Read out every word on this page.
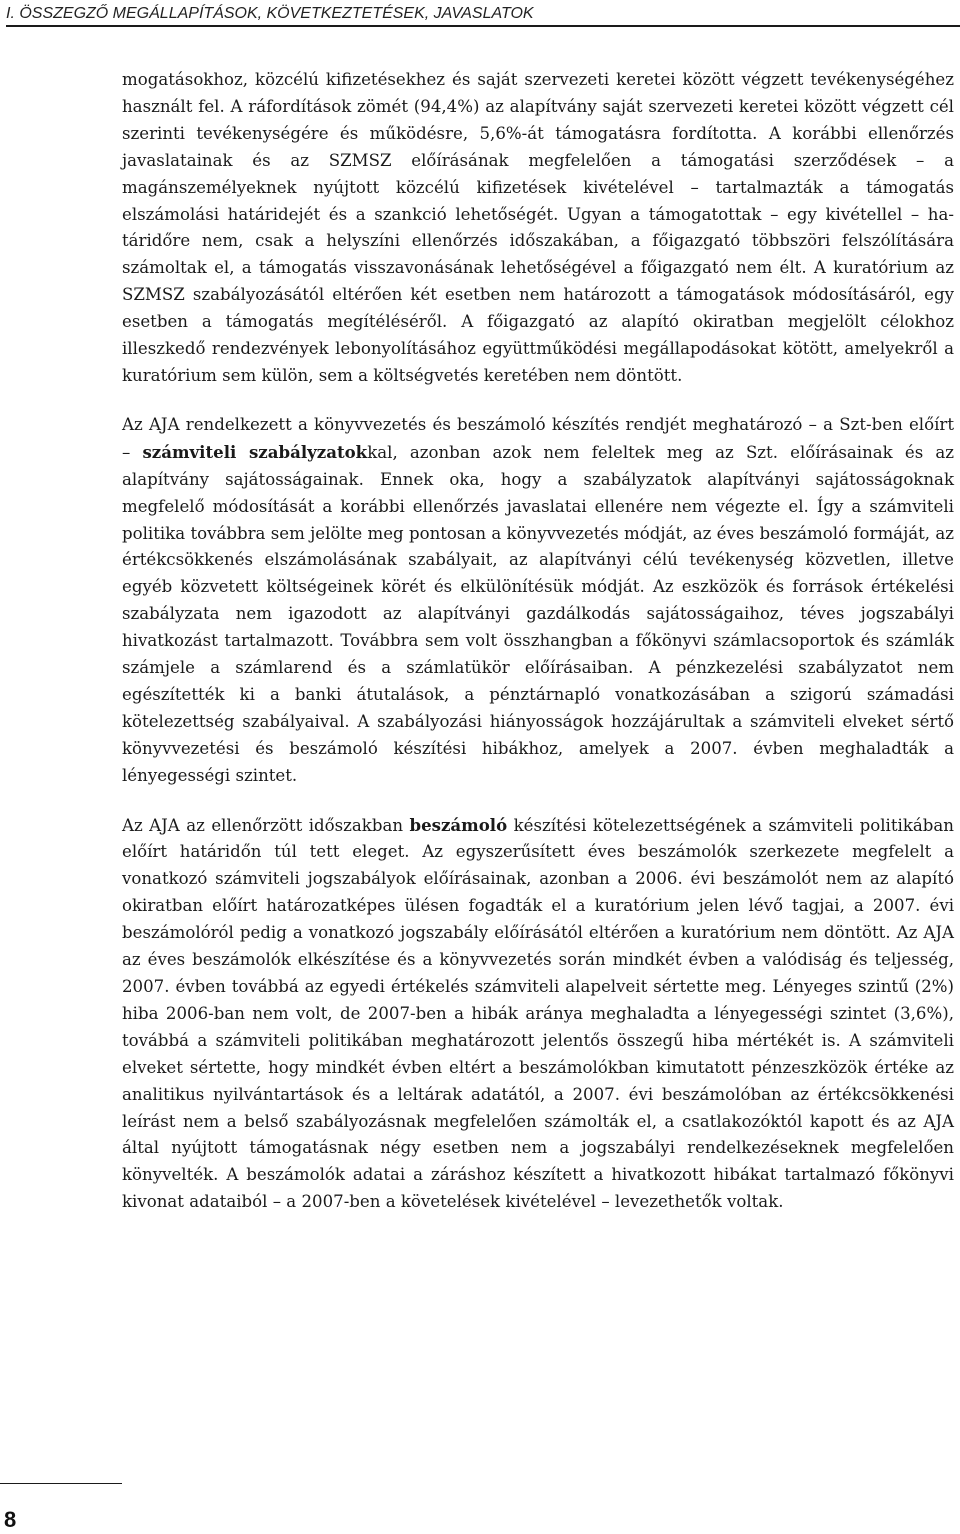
I. ÖSSZEGZŐ MEGÁLLAPÍTÁSOK, KÖVETKEZTETÉSEK, JAVASLATOK

mogatásokhoz, közcélú kifizetésekhez és saját szervezeti keretei között végzett tevékenységéhez használt fel. A ráfordítások zömét (94,4%) az alapítvány saját szervezeti keretei között végzett cél szerinti tevékenységére és működésre, 5,6%-át támogatásra fordította. A korábbi ellenőrzés javaslatainak és az SZMSZ előírásának megfelelően a támogatási szerződések – a magánszemélyeknek nyújtott közcélú kifizetések kivételével – tartalmazták a támogatás elszámolási határidejét és a szankció lehetőségét. Ugyan a támogatottak – egy kivétellel – határidőre nem, csak a helyszíni ellenőrzés időszakában, a főigazgató többszöri felszólítására számoltak el, a támogatás visszavonásának lehetőségével a főigazgató nem élt. A kuratórium az SZMSZ szabályozásától eltérően két esetben nem határozott a támogatások módosításáról, egy esetben a támogatás megítéléséről. A főigazgató az alapító okiratban megjelölt célokhoz illeszkedő rendezvények lebonyolításához együttműködési megállapodásokat kötött, amelyekről a kuratórium sem külön, sem a költségvetés keretében nem döntött.

Az AJA rendelkezett a könyvvezetés és beszámoló készítés rendjét meghatározó – a Szt-ben előírt – számviteli szabályzatokkal, azonban azok nem feleltek meg az Szt. előírásainak és az alapítvány sajátosságainak. Ennek oka, hogy a szabályzatok alapítványi sajátosságoknak megfelelő módosítását a korábbi ellenőrzés javaslatai ellenére nem végezte el. Így a számviteli politika továbbra sem jelölte meg pontosan a könyvvezetés módját, az éves beszámoló formáját, az értékcsökkenés elszámolásának szabályait, az alapítványi célú tevékenység közvetlen, illetve egyéb közvetett költségeinek körét és elkülönítésük módját. Az eszközök és források értékelési szabályzata nem igazodott az alapítványi gazdálkodás sajátosságaihoz, téves jogszabályi hivatkozást tartalmazott. Továbbra sem volt összhangban a főkönyvi számlacsoportok és számlák számjele a számlarend és a számlatükör előírásaiban. A pénzkezelési szabályzatot nem egészítették ki a banki átutalások, a pénztárnapló vonatkozásában a szigorú számadási kötelezettség szabályaival. A szabályozási hiányosságok hozzájárultak a számviteli elveket sértő könyvvezetési és beszámoló készítési hibákhoz, amelyek a 2007. évben meghaladták a lényegességi szintet.

Az AJA az ellenőrzött időszakban beszámoló készítési kötelezettségének a számviteli politikában előírt határidőn túl tett eleget. Az egyszerűsített éves beszámolók szerkezete megfelelt a vonatkozó számviteli jogszabályok előírásainak, azonban a 2006. évi beszámolót nem az alapító okiratban előírt határozatképes ülésen fogadták el a kuratórium jelen lévő tagjai, a 2007. évi beszámolóról pedig a vonatkozó jogszabály előírásától eltérően a kuratórium nem döntött. Az AJA az éves beszámolók elkészítése és a könyvvezetés során mindkét évben a valódiság és teljesség, 2007. évben továbbá az egyedi értékelés számviteli alapelveit sértette meg. Lényeges szintű (2%) hiba 2006-ban nem volt, de 2007-ben a hibák aránya meghaladta a lényegességi szintet (3,6%), továbbá a számviteli politikában meghatározott jelentős összegű hiba mértékét is. A számviteli elveket sértette, hogy mindkét évben eltért a beszámolókban kimutatott pénzeszközök értéke az analitikus nyilvántartások és a leltárak adatától, a 2007. évi beszámolóban az értékcsökkenési leírást nem a belső szabályozásnak megfelelően számolták el, a csatlakozóktól kapott és az AJA által nyújtott támogatásnak négy esetben nem a jogszabályi rendelkezéseknek megfelelően könyvelték. A beszámolók adatai a záráshoz készített a hivatkozott hibákat tartalmazó főkönyvi kivonat adataiból – a 2007-ben a követelések kivételével – levezethetők voltak.

8
